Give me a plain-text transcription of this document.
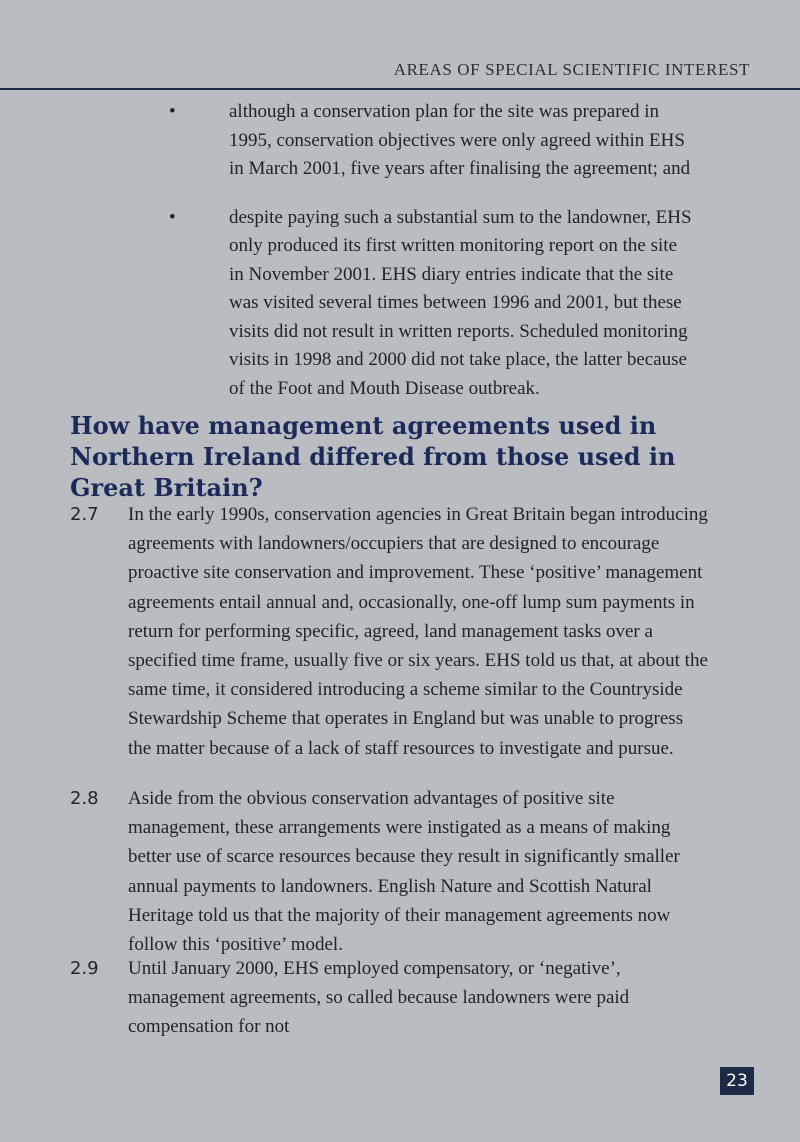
AREAS OF SPECIAL SCIENTIFIC INTEREST
•	although a conservation plan for the site was prepared in 1995, conservation objectives were only agreed within EHS in March 2001, five years after finalising the agreement; and
•	despite paying such a substantial sum to the landowner, EHS only produced its first written monitoring report on the site in November 2001. EHS diary entries indicate that the site was visited several times between 1996 and 2001, but these visits did not result in written reports. Scheduled monitoring visits in 1998 and 2000 did not take place, the latter because of the Foot and Mouth Disease outbreak.
How have management agreements used in Northern Ireland differed from those used in Great Britain?
2.7 In the early 1990s, conservation agencies in Great Britain began introducing agreements with landowners/occupiers that are designed to encourage proactive site conservation and improvement. These ‘positive’ management agreements entail annual and, occasionally, one-off lump sum payments in return for performing specific, agreed, land management tasks over a specified time frame, usually five or six years. EHS told us that, at about the same time, it considered introducing a scheme similar to the Countryside Stewardship Scheme that operates in England but was unable to progress the matter because of a lack of staff resources to investigate and pursue.
2.8 Aside from the obvious conservation advantages of positive site management, these arrangements were instigated as a means of making better use of scarce resources because they result in significantly smaller annual payments to landowners. English Nature and Scottish Natural Heritage told us that the majority of their management agreements now follow this ‘positive’ model.
2.9 Until January 2000, EHS employed compensatory, or ‘negative’, management agreements, so called because landowners were paid compensation for not
23
